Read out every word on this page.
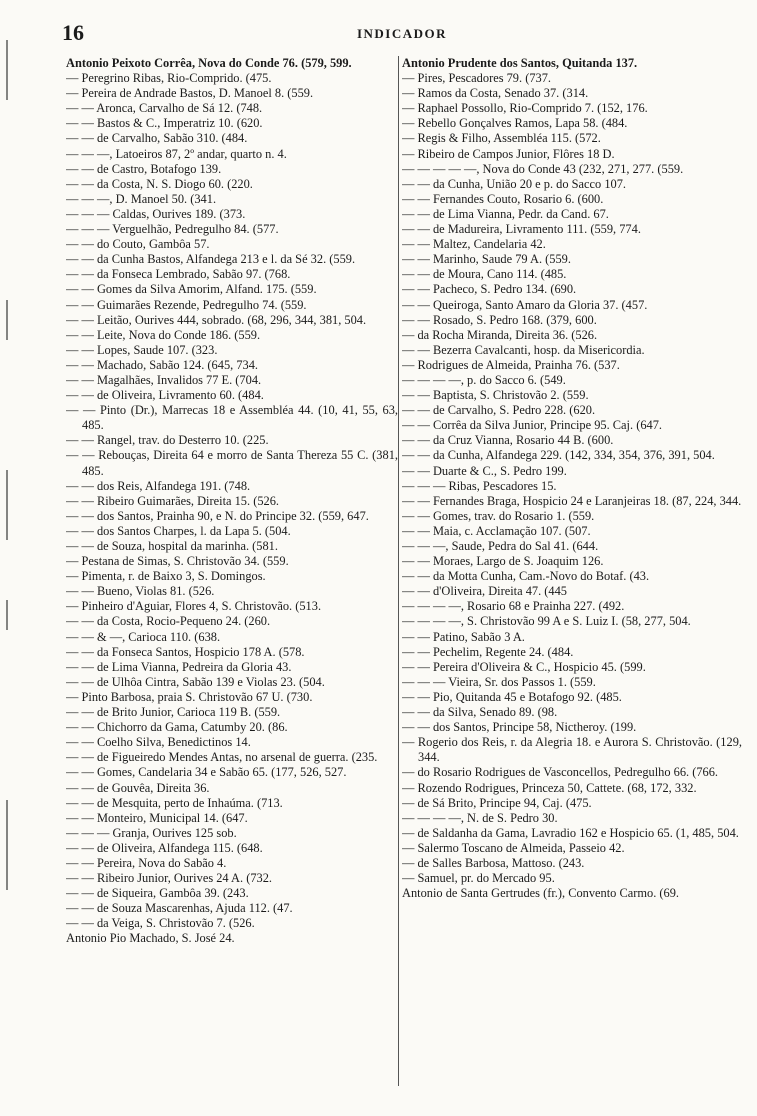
16	INDICADOR

Antonio Peixoto Corrêa, Nova do Conde 76. (579, 599.

— Peregrino Ribas, Rio-Comprido. (475.

— Pereira de Andrade Bastos, D. Manoel 8. (559.

— — Aronca, Carvalho de Sá 12. (748.

— — Bastos & C., Imperatriz 10. (620.

— — de Carvalho, Sabão 310. (484.

— — —, Latoeiros 87, 2º andar, quarto n. 4.

— — de Castro, Botafogo 139.

— — da Costa, N. S. Diogo 60. (220.

— — —, D. Manoel 50. (341.

— — — Caldas, Ourives 189. (373.

— — — Verguelhão, Pedregulho 84. (577.

— — do Couto, Gambôa 57.

— — da Cunha Bastos, Alfandega 213 e l. da Sé 32. (559.

— — da Fonseca Lembrado, Sabão 97. (768.

— — Gomes da Silva Amorim, Alfand. 175. (559.

— — Guimarães Rezende, Pedregulho 74. (559.

— — Leitão, Ourives 444, sobrado. (68, 296, 344, 381, 504.

— — Leite, Nova do Conde 186. (559.

— — Lopes, Saude 107. (323.

— — Machado, Sabão 124. (645, 734.

— — Magalhães, Invalidos 77 E. (704.

— — de Oliveira, Livramento 60. (484.

— — Pinto (Dr.), Marrecas 18 e Assembléa 44. (10, 41, 55, 63, 485.

— — Rangel, trav. do Desterro 10. (225.

— — Rebouças, Direita 64 e morro de Santa Thereza 55 C. (381, 485.

— — dos Reis, Alfandega 191. (748.

— — Ribeiro Guimarães, Direita 15. (526.

— — dos Santos, Prainha 90, e N. do Principe 32. (559, 647.

— — dos Santos Charpes, l. da Lapa 5. (504.

— — de Souza, hospital da marinha. (581.

— Pestana de Simas, S. Christovão 34. (559.

— Pimenta, r. de Baixo 3, S. Domingos.

— — Bueno, Violas 81. (526.

— Pinheiro d'Aguiar, Flores 4, S. Christovão. (513.

— — da Costa, Rocio-Pequeno 24. (260.

— — & —, Carioca 110. (638.

— — da Fonseca Santos, Hospicio 178 A. (578.

— — de Lima Vianna, Pedreira da Gloria 43.

— — de Ulhôa Cintra, Sabão 139 e Violas 23. (504.

— Pinto Barbosa, praia S. Christovão 67 U. (730.

— — de Brito Junior, Carioca 119 B. (559.

— — Chichorro da Gama, Catumby 20. (86.

— — Coelho Silva, Benedictinos 14.

— — de Figueiredo Mendes Antas, no arsenal de guerra. (235.

— — Gomes, Candelaria 34 e Sabão 65. (177, 526, 527.

— — de Gouvêa, Direita 36.

— — de Mesquita, perto de Inhaúma. (713.

— — Monteiro, Municipal 14. (647.

— — — Granja, Ourives 125 sob.

— — de Oliveira, Alfandega 115. (648.

— — Pereira, Nova do Sabão 4.

— — Ribeiro Junior, Ourives 24 A. (732.

— — de Siqueira, Gambôa 39. (243.

— — de Souza Mascarenhas, Ajuda 112. (47.

— — da Veiga, S. Christovão 7. (526.

Antonio Pio Machado, S. José 24.

Antonio Prudente dos Santos, Quitanda 137.

— Pires, Pescadores 79. (737.

— Ramos da Costa, Senado 37. (314.

— Raphael Possollo, Rio-Comprido 7. (152, 176.

— Rebello Gonçalves Ramos, Lapa 58. (484.

— Regis & Filho, Assembléa 115. (572.

— Ribeiro de Campos Junior, Flôres 18 D.

— — — — —, Nova do Conde 43 (232, 271, 277. (559.

— — da Cunha, União 20 e p. do Sacco 107.

— — Fernandes Couto, Rosario 6. (600.

— — de Lima Vianna, Pedr. da Cand. 67.

— — de Madureira, Livramento 111. (559, 774.

— — Maltez, Candelaria 42.

— — Marinho, Saude 79 A. (559.

— — de Moura, Cano 114. (485.

— — Pacheco, S. Pedro 134. (690.

— — Queiroga, Santo Amaro da Gloria 37. (457.

— — Rosado, S. Pedro 168. (379, 600.

— da Rocha Miranda, Direita 36. (526.

— — Bezerra Cavalcanti, hosp. da Misericordia.

— Rodrigues de Almeida, Prainha 76. (537.

— — — —, p. do Sacco 6. (549.

— — Baptista, S. Christovão 2. (559.

— — de Carvalho, S. Pedro 228. (620.

— — Corrêa da Silva Junior, Principe 95. Caj. (647.

— — da Cruz Vianna, Rosario 44 B. (600.

— — da Cunha, Alfandega 229. (142, 334, 354, 376, 391, 504.

— — Duarte & C., S. Pedro 199.

— — — Ribas, Pescadores 15.

— — Fernandes Braga, Hospicio 24 e Laranjeiras 18. (87, 224, 344.

— — Gomes, trav. do Rosario 1. (559.

— — Maia, c. Acclamação 107. (507.

— — —, Saude, Pedra do Sal 41. (644.

— — Moraes, Largo de S. Joaquim 126.

— — da Motta Cunha, Cam.-Novo do Botaf. (43.

— — d'Oliveira, Direita 47. (445

— — — —, Rosario 68 e Prainha 227. (492.

— — — —, S. Christovão 99 A e S. Luiz I. (58, 277, 504.

— — Patino, Sabão 3 A.

— — Pechelim, Regente 24. (484.

— — Pereira d'Oliveira & C., Hospicio 45. (599.

— — — Vieira, Sr. dos Passos 1. (559.

— — Pio, Quitanda 45 e Botafogo 92. (485.

— — da Silva, Senado 89. (98.

— — dos Santos, Principe 58, Nictheroy. (199.

— Rogerio dos Reis, r. da Alegria 18. e Aurora S. Christovão. (129, 344.

— do Rosario Rodrigues de Vasconcellos, Pedregulho 66. (766.

— Rozendo Rodrigues, Princeza 50, Cattete. (68, 172, 332.

— de Sá Brito, Principe 94, Caj. (475.

— — — —, N. de S. Pedro 30.

— de Saldanha da Gama, Lavradio 162 e Hospicio 65. (1, 485, 504.

— Salermo Toscano de Almeida, Passeio 42.

— de Salles Barbosa, Mattoso. (243.

— Samuel, pr. do Mercado 95.

Antonio de Santa Gertrudes (fr.), Convento Carmo. (69.
